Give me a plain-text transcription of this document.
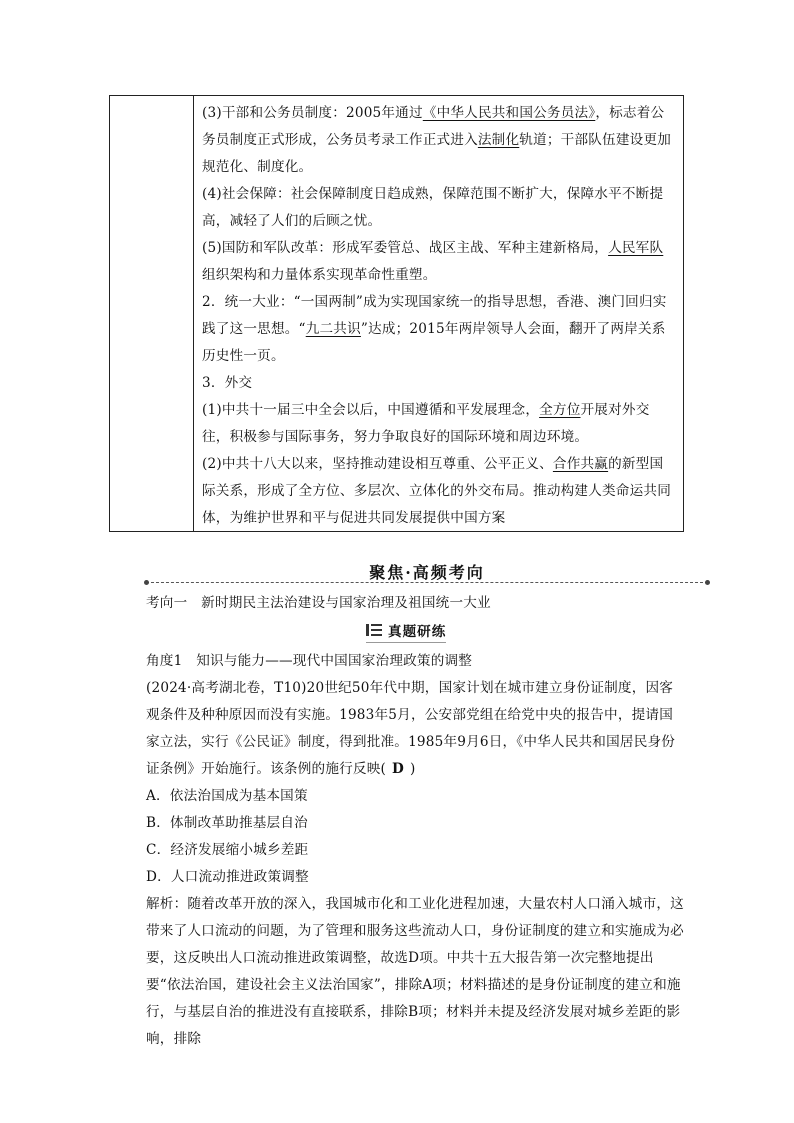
(3)干部和公务员制度：2005年通过《中华人民共和国公务员法》，标志着公务员制度正式形成，公务员考录工作正式进入法制化轨道；干部队伍建设更加规范化、制度化。

(4)社会保障：社会保障制度日趋成熟，保障范围不断扩大，保障水平不断提高，减轻了人们的后顾之忧。

(5)国防和军队改革：形成军委管总、战区主战、军种主建新格局，人民军队组织架构和力量体系实现革命性重塑。

2．统一大业：“一国两制”成为实现国家统一的指导思想，香港、澳门回归实践了这一思想。“九二共识”达成；2015年两岸领导人会面，翻开了两岸关系历史性一页。

3．外交

(1)中共十一届三中全会以后，中国遵循和平发展理念，全方位开展对外交往，积极参与国际事务，努力争取良好的国际环境和周边环境。

(2)中共十八大以来，坚持推动建设相互尊重、公平正义、合作共赢的新型国际关系，形成了全方位、多层次、立体化的外交布局。推动构建人类命运共同体，为维护世界和平与促进共同发展提供中国方案

聚焦·高频考向
考向一　新时期民主法治建设与国家治理及祖国统一大业
真题研练

角度1　知识与能力——现代中国国家治理政策的调整

(2024·高考湖北卷，T10)20世纪50年代中期，国家计划在城市建立身份证制度，因客观条件及种种原因而没有实施。1983年5月，公安部党组在给党中央的报告中，提请国家立法，实行《公民证》制度，得到批准。1985年9月6日，《中华人民共和国居民身份证条例》开始施行。该条例的施行反映( D )

A．依法治国成为基本国策

B．体制改革助推基层自治

C．经济发展缩小城乡差距

D．人口流动推进政策调整

解析：随着改革开放的深入，我国城市化和工业化进程加速，大量农村人口涌入城市，这带来了人口流动的问题，为了管理和服务这些流动人口，身份证制度的建立和实施成为必要，这反映出人口流动推进政策调整，故选D项。中共十五大报告第一次完整地提出要“依法治国，建设社会主义法治国家”，排除A项；材料描述的是身份证制度的建立和施行，与基层自治的推进没有直接联系，排除B项；材料并未提及经济发展对城乡差距的影响，排除
